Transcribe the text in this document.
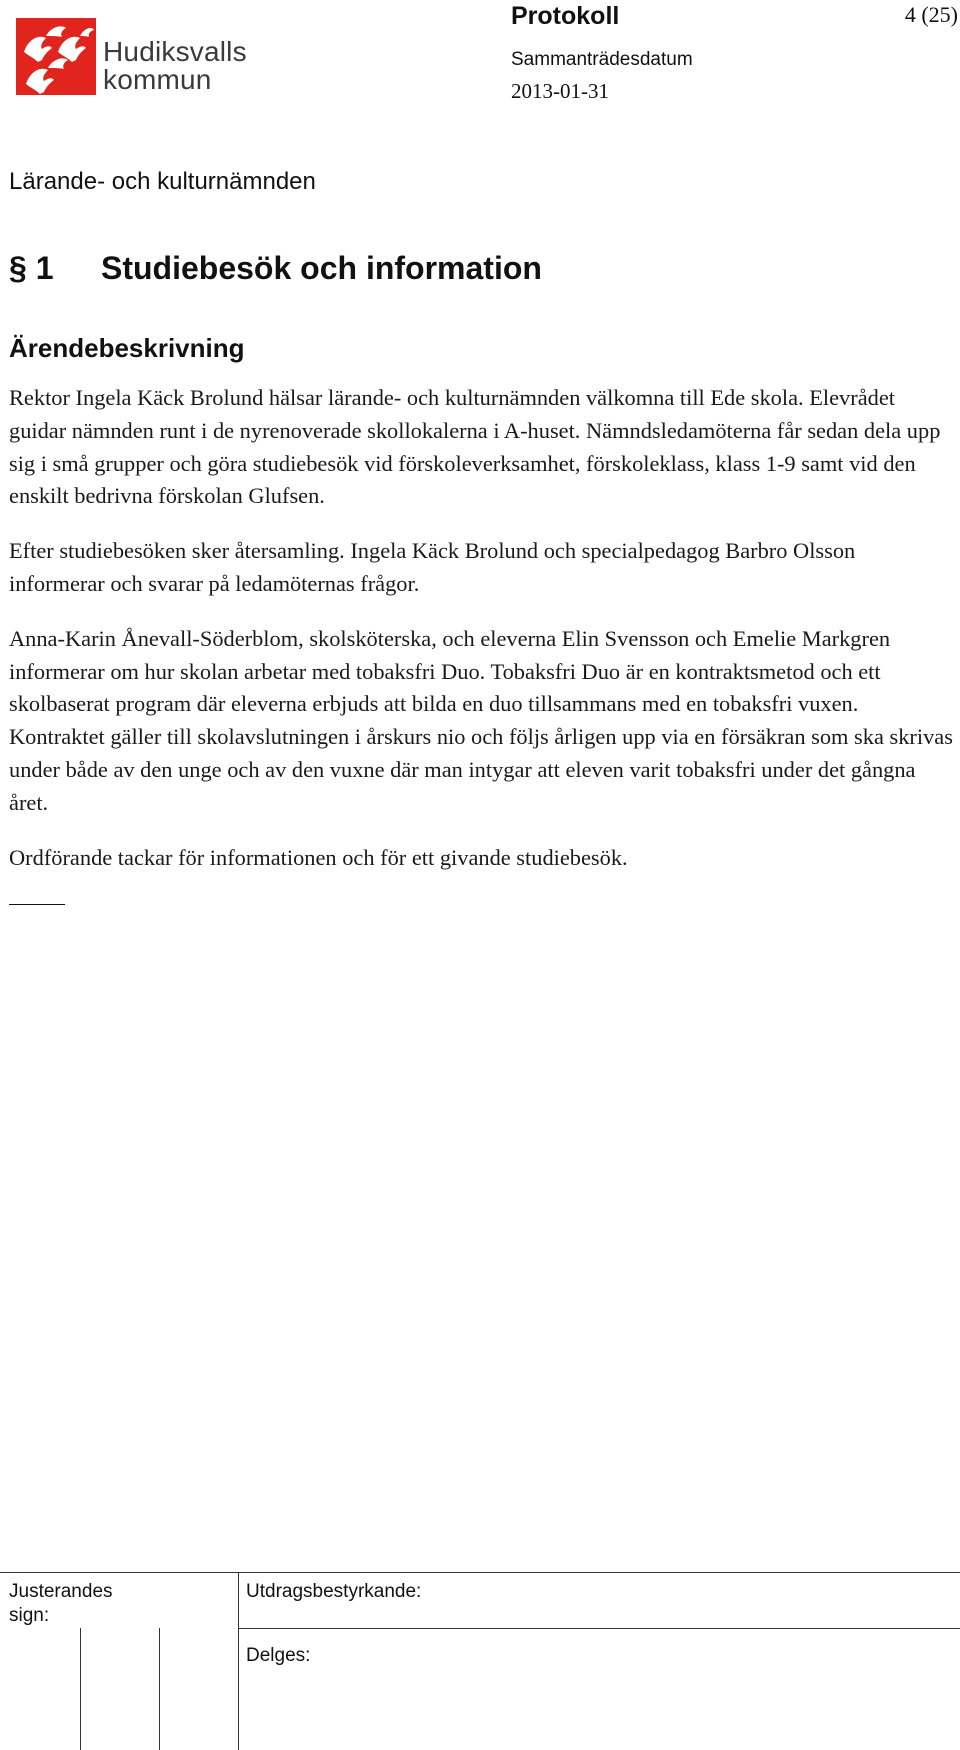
Hudiksvalls
kommun
Protokoll	4 (25)
Sammanträdesdatum
2013-01-31
Lärande- och kulturnämnden
§ 1 Studiebesök och information
Ärendebeskrivning

Rektor Ingela Käck Brolund hälsar lärande- och kulturnämnden välkomna till Ede skola. Elevrådet guidar nämnden runt i de nyrenoverade skollokalerna i A-huset. Nämndsledamöterna får sedan dela upp sig i små grupper och göra studiebesök vid förskoleverksamhet, förskoleklass, klass 1-9 samt vid den enskilt bedrivna förskolan Glufsen.

Efter studiebesöken sker återsamling. Ingela Käck Brolund och specialpedagog Barbro Olsson informerar och svarar på ledamöternas frågor.

Anna-Karin Ånevall-Söderblom, skolsköterska, och eleverna Elin Svensson och Emelie Markgren informerar om hur skolan arbetar med tobaksfri Duo. Tobaksfri Duo är en kontraktsmetod och ett skolbaserat program där eleverna erbjuds att bilda en duo tillsammans med en tobaksfri vuxen. Kontraktet gäller till skolavslutningen i årskurs nio och följs årligen upp via en försäkran som ska skrivas under både av den unge och av den vuxne där man intygar att eleven varit tobaksfri under det gångna året.

Ordförande tackar för informationen och för ett givande studiebesök.

Justerandes
sign:
Utdragsbestyrkande:
Delges:
